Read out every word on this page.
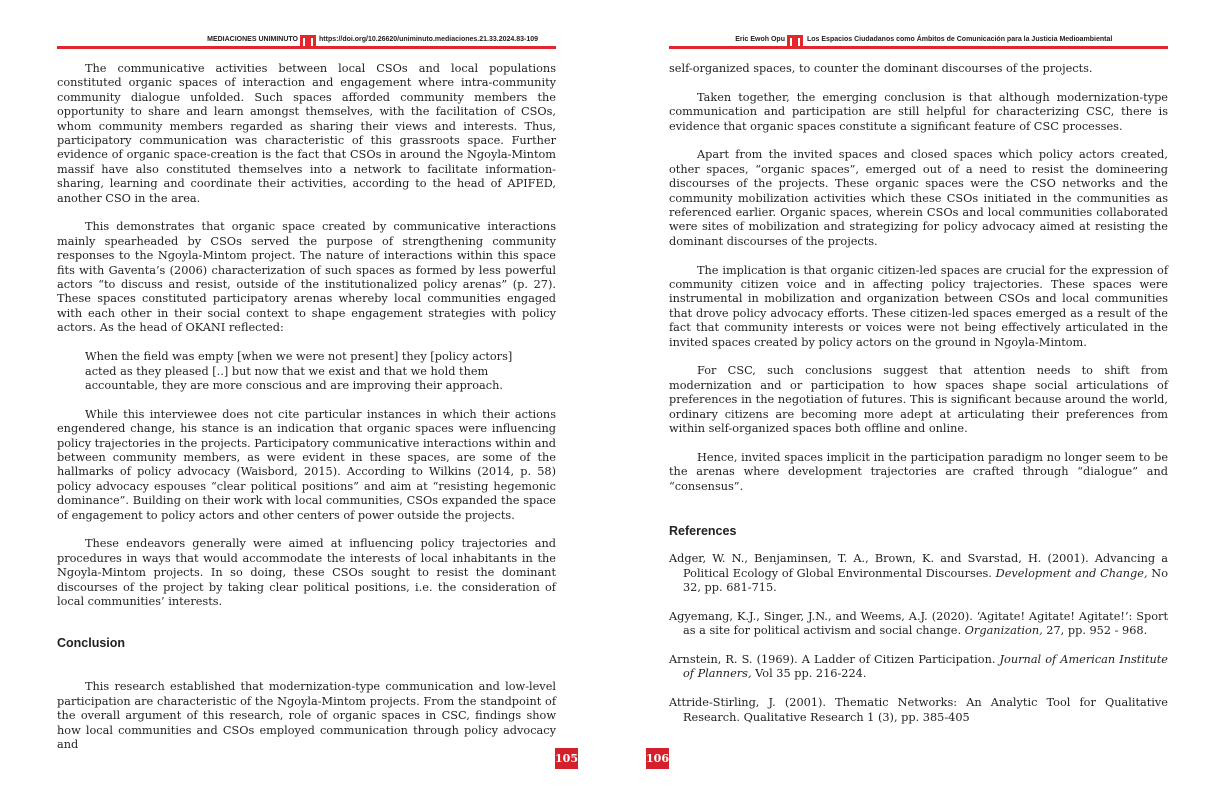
MEDIACIONES UNIMINUTO	https://doi.org/10.26620/uniminuto.mediaciones.21.33.2024.83-109

The communicative activities between local CSOs and local populations constituted organic spaces of interaction and engagement where intra-community community dialogue unfolded. Such spaces afforded community members the opportunity to share and learn amongst themselves, with the facilitation of CSOs, whom community members regarded as sharing their views and interests. Thus, participatory communication was characteristic of this grassroots space. Further evidence of organic space-creation is the fact that CSOs in around the Ngoyla-Mintom massif have also constituted themselves into a network to facilitate information-sharing, learning and coordinate their activities, according to the head of APIFED, another CSO in the area.

This demonstrates that organic space created by communicative interactions mainly spearheaded by CSOs served the purpose of strengthening community responses to the Ngoyla-Mintom project. The nature of interactions within this space fits with Gaventa’s (2006) characterization of such spaces as formed by less powerful actors “to discuss and resist, outside of the institutionalized policy arenas” (p. 27). These spaces constituted participatory arenas whereby local communities engaged with each other in their social context to shape engagement strategies with policy actors. As the head of OKANI reflected:

When the field was empty [when we were not present] they [policy actors] acted as they pleased [..] but now that we exist and that we hold them accountable, they are more conscious and are improving their approach.

While this interviewee does not cite particular instances in which their actions engendered change, his stance is an indication that organic spaces were influencing policy trajectories in the projects. Participatory communicative interactions within and between community members, as were evident in these spaces, are some of the hallmarks of policy advocacy (Waisbord, 2015). According to Wilkins (2014, p. 58) policy advocacy espouses “clear political positions” and aim at “resisting hegemonic dominance”. Building on their work with local communities, CSOs expanded the space of engagement to policy actors and other centers of power outside the projects.

These endeavors generally were aimed at influencing policy trajectories and procedures in ways that would accommodate the interests of local inhabitants in the Ngoyla-Mintom projects. In so doing, these CSOs sought to resist the dominant discourses of the project by taking clear political positions, i.e. the consideration of local communities’ interests.

Conclusion

This research established that modernization-type communication and low-level participation are characteristic of the Ngoyla-Mintom projects. From the standpoint of the overall argument of this research, role of organic spaces in CSC, findings show how local communities and CSOs employed communication through policy advocacy and

105
Eric Ewoh Opu	Los Espacios Ciudadanos como Ámbitos de Comunicación para la Justicia Medioambiental

self-organized spaces, to counter the dominant discourses of the projects.

Taken together, the emerging conclusion is that although modernization-type communication and participation are still helpful for characterizing CSC, there is evidence that organic spaces constitute a significant feature of CSC processes.

Apart from the invited spaces and closed spaces which policy actors created, other spaces, “organic spaces”, emerged out of a need to resist the domineering discourses of the projects. These organic spaces were the CSO networks and the community mobilization activities which these CSOs initiated in the communities as referenced earlier. Organic spaces, wherein CSOs and local communities collaborated were sites of mobilization and strategizing for policy advocacy aimed at resisting the dominant discourses of the projects.

The implication is that organic citizen-led spaces are crucial for the expression of community citizen voice and in affecting policy trajectories. These spaces were instrumental in mobilization and organization between CSOs and local communities that drove policy advocacy efforts. These citizen-led spaces emerged as a result of the fact that community interests or voices were not being effectively articulated in the invited spaces created by policy actors on the ground in Ngoyla-Mintom.

For CSC, such conclusions suggest that attention needs to shift from modernization and or participation to how spaces shape social articulations of preferences in the negotiation of futures. This is significant because around the world, ordinary citizens are becoming more adept at articulating their preferences from within self-organized spaces both offline and online.

Hence, invited spaces implicit in the participation paradigm no longer seem to be the arenas where development trajectories are crafted through “dialogue” and “consensus”.

References

Adger, W. N., Benjaminsen, T. A., Brown, K. and Svarstad, H. (2001). Advancing a Political Ecology of Global Environmental Discourses. Development and Change, No 32, pp. 681-715.

Agyemang, K.J., Singer, J.N., and Weems, A.J. (2020). ‘Agitate! Agitate! Agitate!’: Sport as a site for political activism and social change. Organization, 27, pp. 952 - 968.

Arnstein, R. S. (1969). A Ladder of Citizen Participation. Journal of American Institute of Planners, Vol 35 pp. 216-224.

Attride-Stirling, J. (2001). Thematic Networks: An Analytic Tool for Qualitative Research. Qualitative Research 1 (3), pp. 385-405

106
